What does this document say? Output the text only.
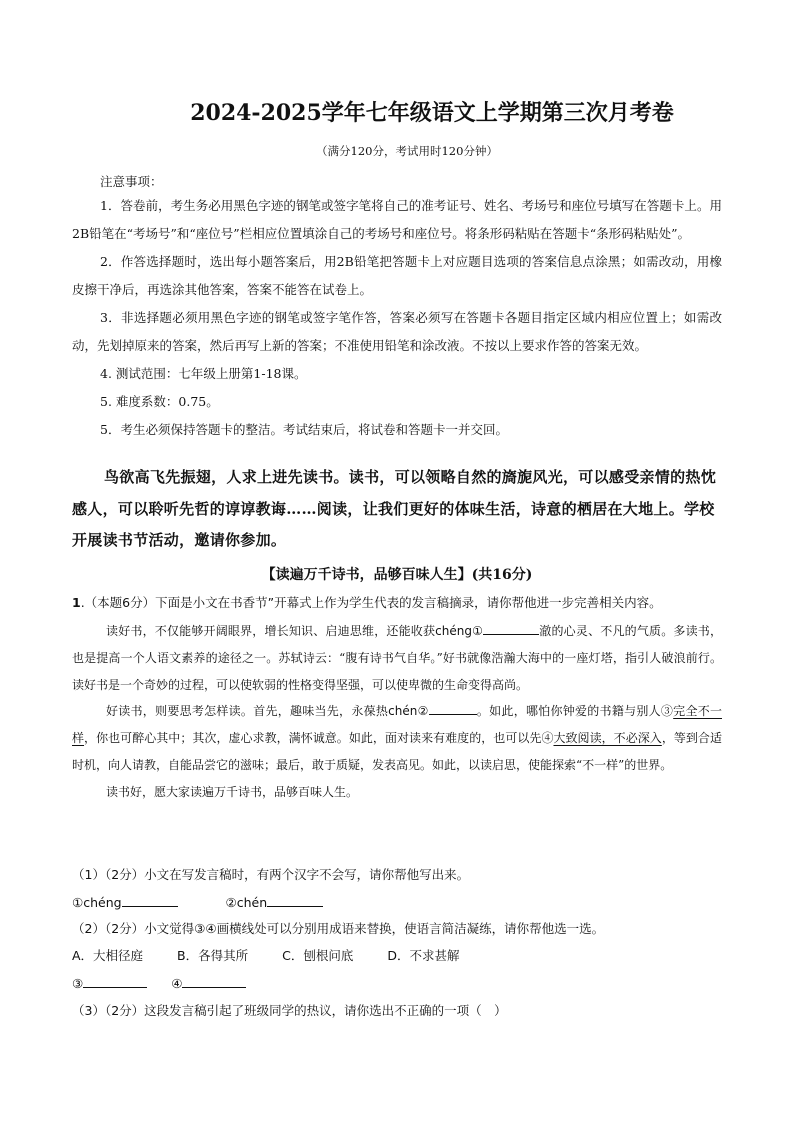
2024-2025学年七年级语文上学期第三次月考卷
（满分120分，考试用时120分钟）
注意事项：

1．答卷前，考生务必用黑色字迹的钢笔或签字笔将自己的准考证号、姓名、考场号和座位号填写在答题卡上。用2B铅笔在“考场号”和“座位号”栏相应位置填涂自己的考场号和座位号。将条形码粘贴在答题卡“条形码粘贴处”。

2．作答选择题时，选出每小题答案后，用2B铅笔把答题卡上对应题目选项的答案信息点涂黑；如需改动，用橡皮擦干净后，再选涂其他答案，答案不能答在试卷上。

3．非选择题必须用黑色字迹的钢笔或签字笔作答，答案必须写在答题卡各题目指定区域内相应位置上；如需改动，先划掉原来的答案，然后再写上新的答案；不准使用铅笔和涂改液。不按以上要求作答的答案无效。

4. 测试范围：七年级上册第1-18课。

5. 难度系数：0.75。

5．考生必须保持答题卡的整洁。考试结束后，将试卷和答题卡一并交回。

鸟欲高飞先振翅，人求上进先读书。读书，可以领略自然的旖旎风光，可以感受亲情的热忱 感人，可以聆听先哲的谆谆教诲……阅读，让我们更好的体味生活，诗意的栖居在大地上。学校开展读书节活动，邀请你参加。
【读遍万千诗书，品够百味人生】(共16分)
1.（本题6分）下面是小文在书香节”开幕式上作为学生代表的发言稿摘录，请你帮他进一步完善相关内容。

读好书，不仅能够开阔眼界，增长知识、启迪思维，还能收获chéng①	澈的心灵、不凡的气质。多读书，也是提高一个人语文素养的途径之一。苏轼诗云：“腹有诗书气自华。”好书就像浩瀚大海中的一座灯塔，指引人破浪前行。读好书是一个奇妙的过程，可以使软弱的性格变得坚强，可以使卑微的生命变得高尚。

好读书，则要思考怎样读。首先，趣味当先，永葆热chén②	。如此，哪怕你钟爱的书籍与别人③完全不一样，你也可醉心其中；其次，虚心求教，满怀诚意。如此，面对读来有难度的，也可以先④大致阅读，不必深入，等到合适时机，向人请教，自能品尝它的滋味；最后，敢于质疑，发表高见。如此，以读启思，使能探索“不一样”的世界。

读书好，愿大家读遍万千诗书，品够百味人生。

（1）（2分）小文在写发言稿时，有两个汉字不会写，请你帮他写出来。
①chéng	②chén
（2）（2分）小文觉得③④画横线处可以分别用成语来替换，使语言简洁凝练，请你帮他选一选。
A．大相径庭	B．各得其所	C．刨根问底	D．不求甚解
③	④
（3）（2分）这段发言稿引起了班级同学的热议，请你选出不正确的一项（　）
